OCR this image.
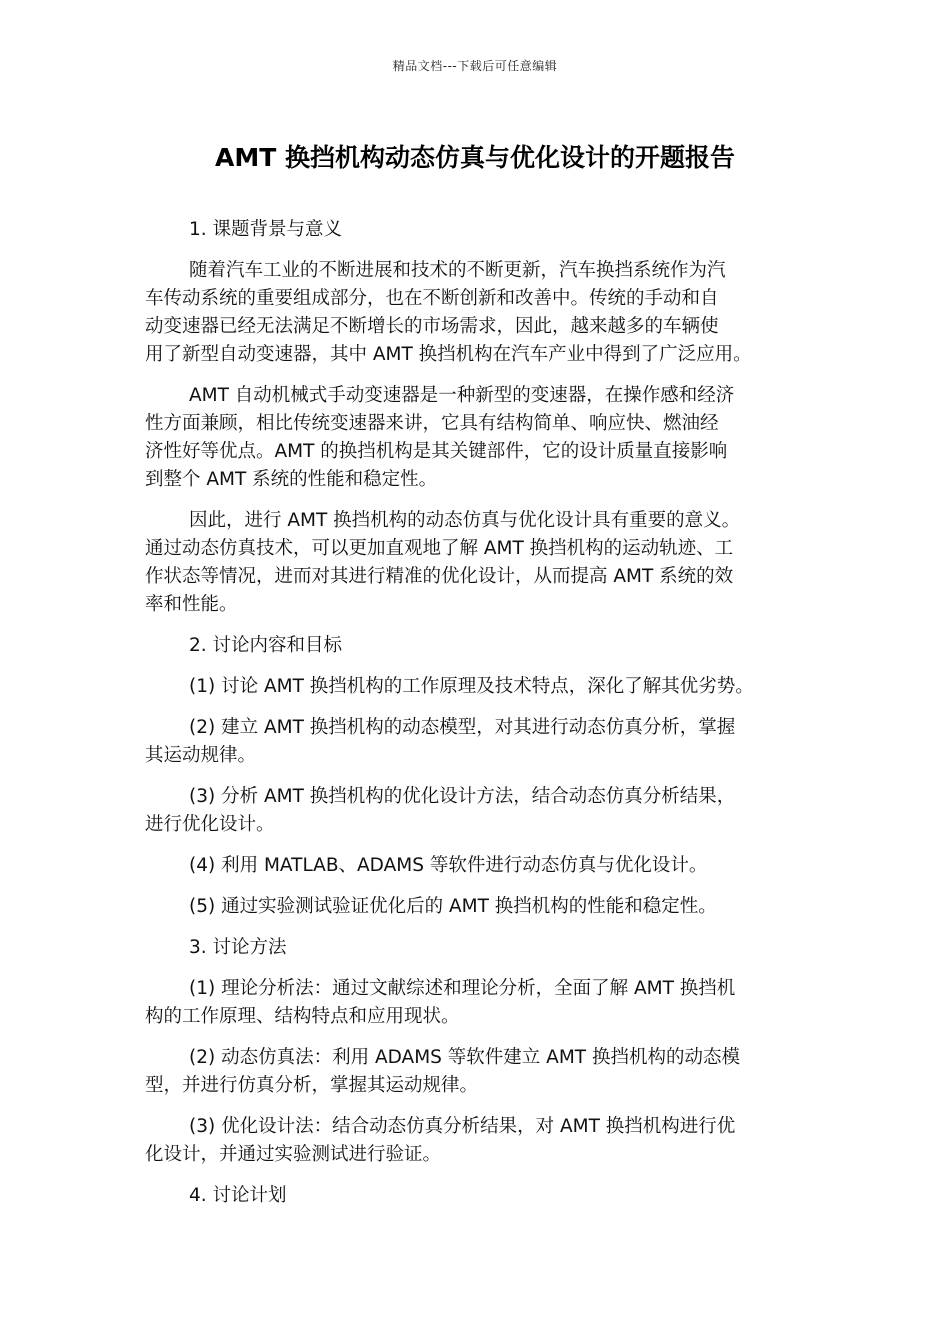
精品文档---下载后可任意编辑
AMT 换挡机构动态仿真与优化设计的开题报告
1. 课题背景与意义
随着汽车工业的不断进展和技术的不断更新，汽车换挡系统作为汽
车传动系统的重要组成部分，也在不断创新和改善中。传统的手动和自
动变速器已经无法满足不断增长的市场需求，因此，越来越多的车辆使
用了新型自动变速器，其中 AMT 换挡机构在汽车产业中得到了广泛应用。
AMT 自动机械式手动变速器是一种新型的变速器，在操作感和经济
性方面兼顾，相比传统变速器来讲，它具有结构简单、响应快、燃油经
济性好等优点。AMT 的换挡机构是其关键部件，它的设计质量直接影响
到整个 AMT 系统的性能和稳定性。
因此，进行 AMT 换挡机构的动态仿真与优化设计具有重要的意义。
通过动态仿真技术，可以更加直观地了解 AMT 换挡机构的运动轨迹、工
作状态等情况，进而对其进行精准的优化设计，从而提高 AMT 系统的效
率和性能。
2. 讨论内容和目标
(1) 讨论 AMT 换挡机构的工作原理及技术特点，深化了解其优劣势。
(2) 建立 AMT 换挡机构的动态模型，对其进行动态仿真分析，掌握
其运动规律。
(3) 分析 AMT 换挡机构的优化设计方法，结合动态仿真分析结果，
进行优化设计。
(4) 利用 MATLAB、ADAMS 等软件进行动态仿真与优化设计。
(5) 通过实验测试验证优化后的 AMT 换挡机构的性能和稳定性。
3. 讨论方法
(1) 理论分析法：通过文献综述和理论分析，全面了解 AMT 换挡机
构的工作原理、结构特点和应用现状。
(2) 动态仿真法：利用 ADAMS 等软件建立 AMT 换挡机构的动态模
型，并进行仿真分析，掌握其运动规律。
(3) 优化设计法：结合动态仿真分析结果，对 AMT 换挡机构进行优
化设计，并通过实验测试进行验证。
4. 讨论计划
